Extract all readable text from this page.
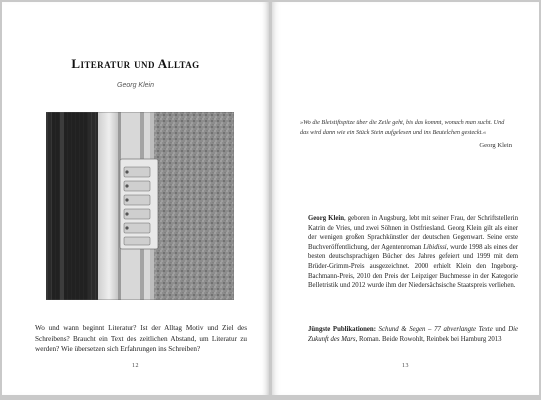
Literatur und Alltag
Georg Klein

Wo und wann beginnt Literatur? Ist der Alltag Motiv und Ziel des Schreibens? Braucht ein Text des zeitlichen Abstand, um Literatur zu werden? Wie übersetzen sich Erfahrungen ins Schreiben?

12

»Wo die Bleistiftspitze über die Zeile geht, bis das kommt, wonach man sucht. Und das wird dann wie ein Stück Stein aufgelesen und ins Beutelchen gesteckt.«

Georg Klein

Georg Klein, geboren in Augsburg, lebt mit seiner Frau, der Schriftstellerin Katrin de Vries, und zwei Söhnen in Ostfriesland. Georg Klein gilt als einer der wenigen großen Sprachkünstler der deutschen Gegenwart. Seine erste Buchveröffentlichung, der Agentenroman Libidissi, wurde 1998 als eines der besten deutschsprachigen Bücher des Jahres gefeiert und 1999 mit dem Brüder-Grimm-Preis ausgezeichnet. 2000 erhielt Klein den Ingeborg-Bachmann-Preis, 2010 den Preis der Leipziger Buchmesse in der Kategorie Belletristik und 2012 wurde ihm der Niedersächsische Staatspreis verliehen.

Jüngste Publikationen: Schund & Segen – 77 abverlangte Texte und Die Zukunft des Mars, Roman. Beide Rowohlt, Reinbek bei Hamburg 2013

13
